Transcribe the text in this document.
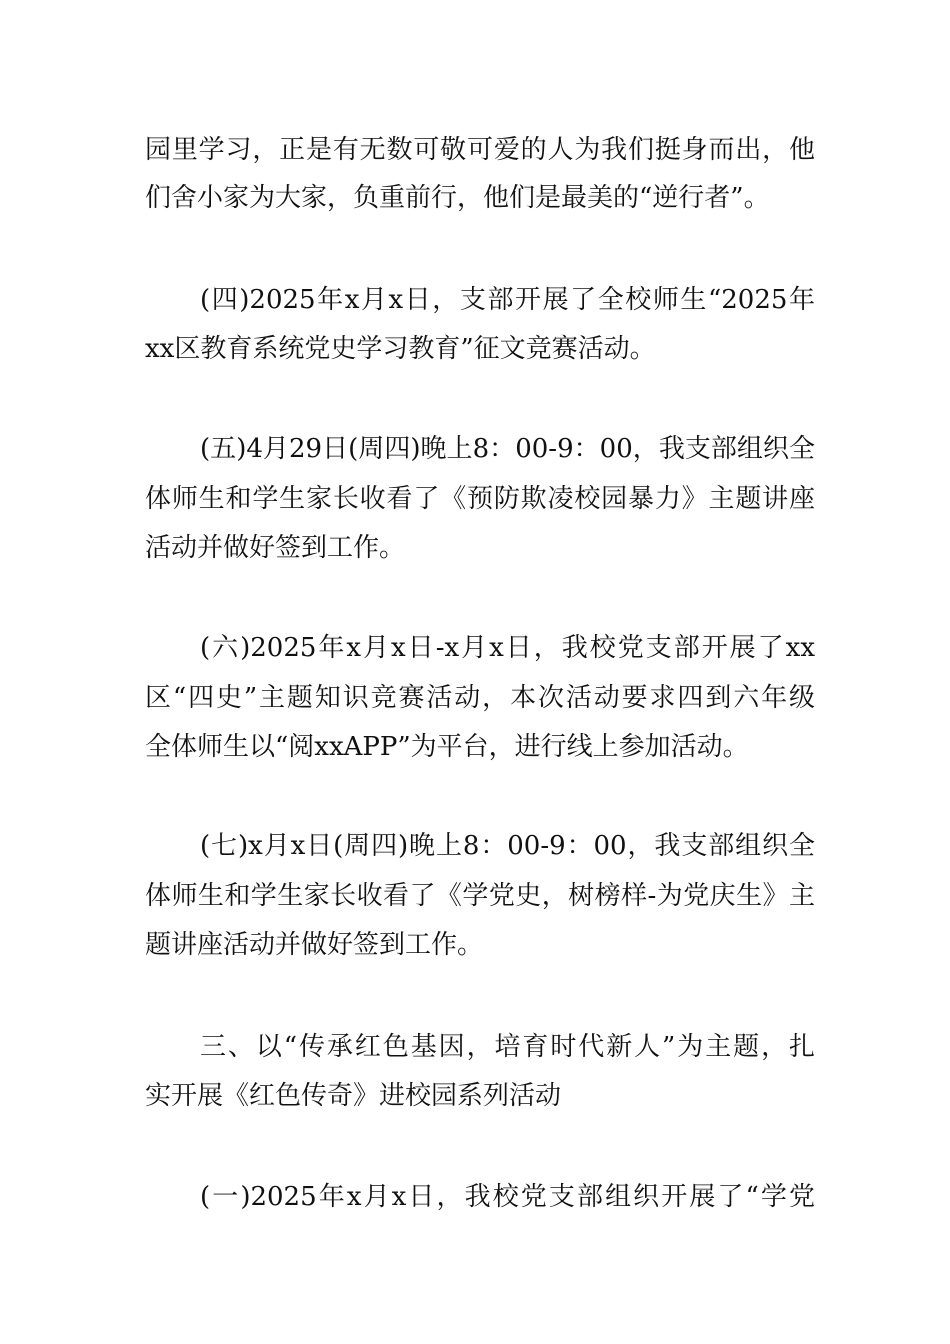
园里学习，正是有无数可敬可爱的人为我们挺身而出，他
们舍小家为大家，负重前行，他们是最美的“逆行者”。
(四)2025年x月x日，支部开展了全校师生“2025年
xx区教育系统党史学习教育”征文竞赛活动。
(五)4月29日(周四)晚上8：00-9：00，我支部组织全
体师生和学生家长收看了《预防欺凌校园暴力》主题讲座
活动并做好签到工作。
(六)2025年x月x日-x月x日，我校党支部开展了xx
区“四史”主题知识竞赛活动，本次活动要求四到六年级
全体师生以“阅xxAPP”为平台，进行线上参加活动。
(七)x月x日(周四)晚上8：00-9：00，我支部组织全
体师生和学生家长收看了《学党史，树榜样-为党庆生》主
题讲座活动并做好签到工作。
三、以“传承红色基因，培育时代新人”为主题，扎
实开展《红色传奇》进校园系列活动
(一)2025年x月x日，我校党支部组织开展了“学党
